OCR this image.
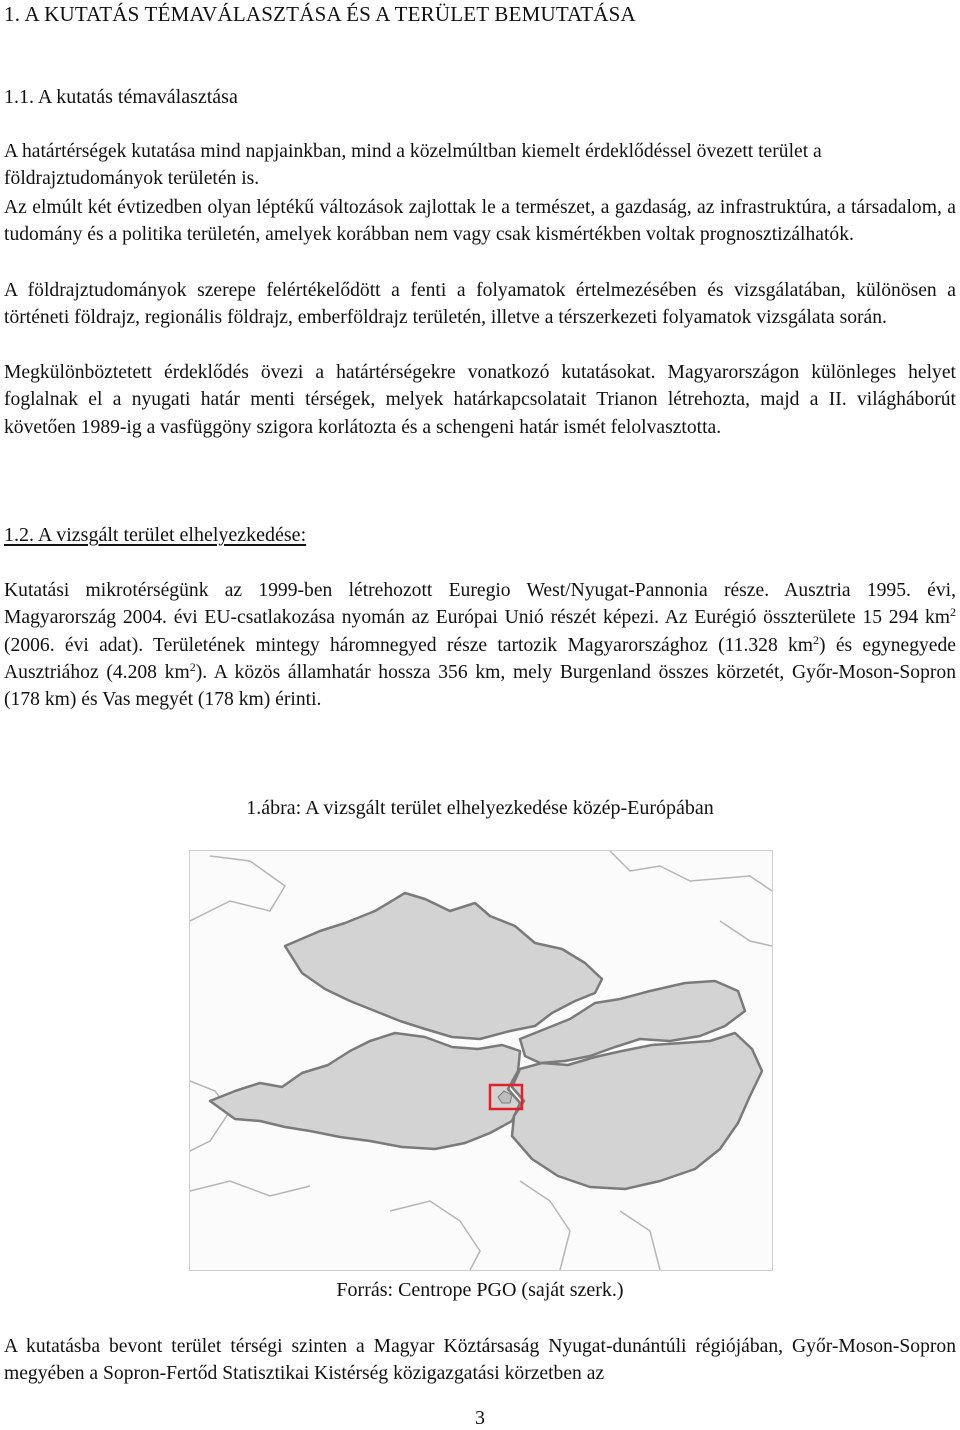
1. A KUTATÁS TÉMAVÁLASZTÁSA ÉS A TERÜLET BEMUTATÁSA
1.1. A kutatás témaválasztása

A határtérségek kutatása mind napjainkban, mind a közelmúltban kiemelt érdeklődéssel övezett terület a földrajztudományok területén is.

Az elmúlt két évtizedben olyan léptékű változások zajlottak le a természet, a gazdaság, az infrastruktúra, a társadalom, a tudomány és a politika területén, amelyek korábban nem vagy csak kismértékben voltak prognosztizálhatók.

A földrajztudományok szerepe felértékelődött a fenti a folyamatok értelmezésében és vizsgálatában, különösen a történeti földrajz, regionális földrajz, emberföldrajz területén, illetve a térszerkezeti folyamatok vizsgálata során.

Megkülönböztetett érdeklődés övezi a határtérségekre vonatkozó kutatásokat. Magyarországon különleges helyet foglalnak el a nyugati határ menti térségek, melyek határkapcsolatait Trianon létrehozta, majd a II. világháborút követően 1989-ig a vasfüggöny szigora korlátozta és a schengeni határ ismét felolvasztotta.

1.2. A vizsgált terület elhelyezkedése:

Kutatási mikrotérségünk az 1999-ben létrehozott Euregio West/Nyugat-Pannonia része. Ausztria 1995. évi, Magyarország 2004. évi EU-csatlakozása nyomán az Európai Unió részét képezi. Az Eurégió összterülete 15 294 $km^2$ (2006. évi adat). Területének mintegy háromnegyed része tartozik Magyarországhoz (11.328 $km^2$) és egynegyede Ausztriához (4.208 $km^2$). A közös államhatár hossza 356 km, mely Burgenland összes körzetét, Győr-Moson-Sopron (178 km) és Vas megyét (178 km) érinti.

1.ábra: A vizsgált terület elhelyezkedése közép-Európában
Forrás: Centrope PGO (saját szerk.)

A kutatásba bevont terület térségi szinten a Magyar Köztársaság Nyugat-dunántúli régiójában, Győr-Moson-Sopron megyében a Sopron-Fertőd Statisztikai Kistérség közigazgatási körzetben az

3
